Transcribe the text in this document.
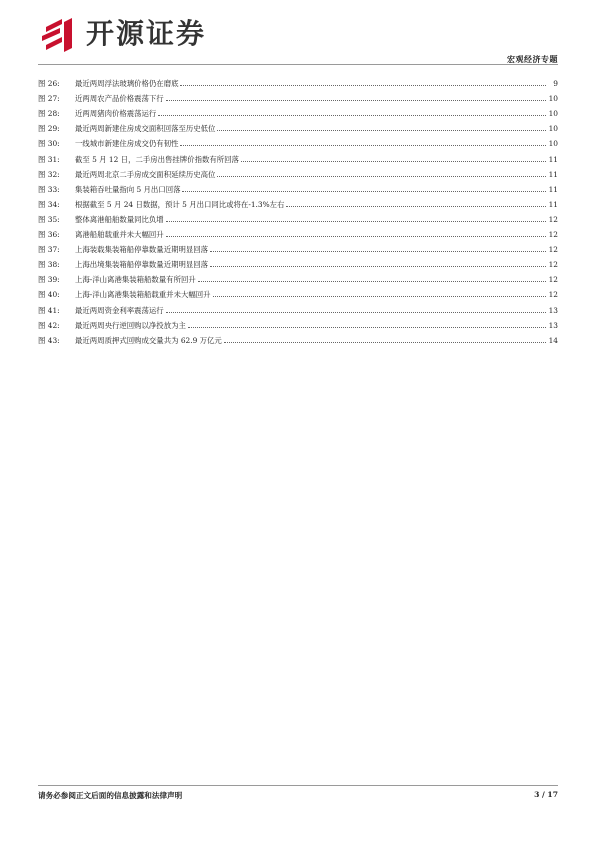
开源证券
宏观经济专题
图 26:	最近两周浮法玻璃价格仍在磨底	9
图 27:	近两周农产品价格震荡下行	10
图 28:	近两周猪肉价格震荡运行	10
图 29:	最近两周新建住房成交面积回落至历史低位	10
图 30:	一线城市新建住房成交仍有韧性	10
图 31:	截至 5 月 12 日，二手房出售挂牌价指数有所回落	11
图 32:	最近两周北京二手房成交面积延续历史高位	11
图 33:	集装箱吞吐量指向 5 月出口回落	11
图 34:	根据截至 5 月 24 日数据，预计 5 月出口同比或将在-1.3%左右	11
图 35:	整体离港船舶数量同比负增	12
图 36:	离港船舶载重并未大幅回升	12
图 37:	上海装载集装箱船停靠数量近期明显回落	12
图 38:	上海出境集装箱船停靠数量近期明显回落	12
图 39:	上海-洋山离港集装箱船数量有所回升	12
图 40:	上海-洋山离港集装箱船载重并未大幅回升	12
图 41:	最近两周资金利率震荡运行	13
图 42:	最近两周央行逆回购以净投放为主	13
图 43:	最近两周质押式回购成交量共为 62.9 万亿元	14
请务必参阅正文后面的信息披露和法律声明	3 / 17
